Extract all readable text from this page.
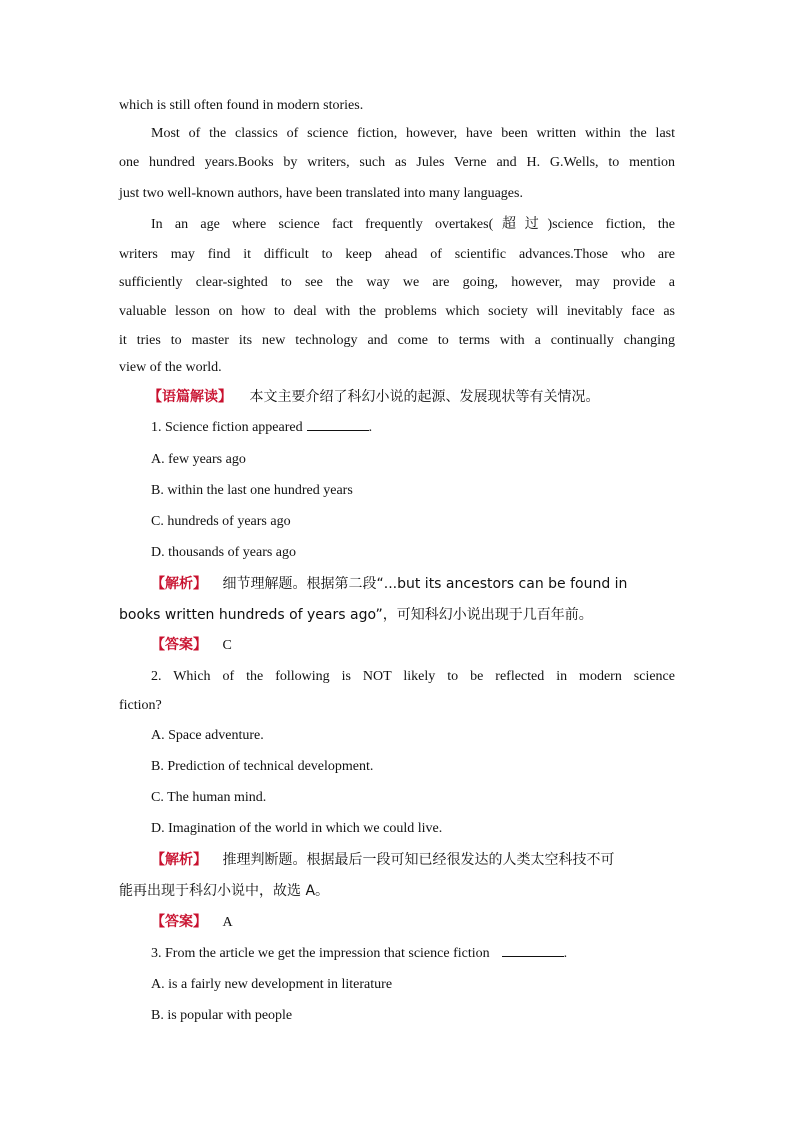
which is still often found in modern stories.
Most of the classics of science fiction, however, have been written within the last
one hundred years.Books by writers, such as Jules Verne and H. G.Wells, to mention
just two well-known authors, have been translated into many languages.
In an age where science fact frequently overtakes(超过)science fiction, the
writers may find it difficult to keep ahead of scientific advances.Those who are
sufficiently clear-sighted to see the way we are going, however, may provide a
valuable lesson on how to deal with the problems which society will inevitably face as
it tries to master its new technology and come to terms with a continually changing
view of the world.
【语篇解读】 本文主要介绍了科幻小说的起源、发展现状等有关情况。
1. Science fiction appeared	.
A. few years ago
B. within the last one hundred years
C. hundreds of years ago
D. thousands of years ago
【解析】 细节理解题。根据第二段“...but its ancestors can be found in
books written hundreds of years ago”，可知科幻小说出现于几百年前。
【答案】 C
2. Which of the following is NOT likely to be reflected in modern science
fiction?
A. Space adventure.
B. Prediction of technical development.
C. The human mind.
D. Imagination of the world in which we could live.
【解析】 推理判断题。根据最后一段可知已经很发达的人类太空科技不可
能再出现于科幻小说中，故选 A。
【答案】 A
3. From the article we get the impression that science fiction	.
A. is a fairly new development in literature
B. is popular with people
